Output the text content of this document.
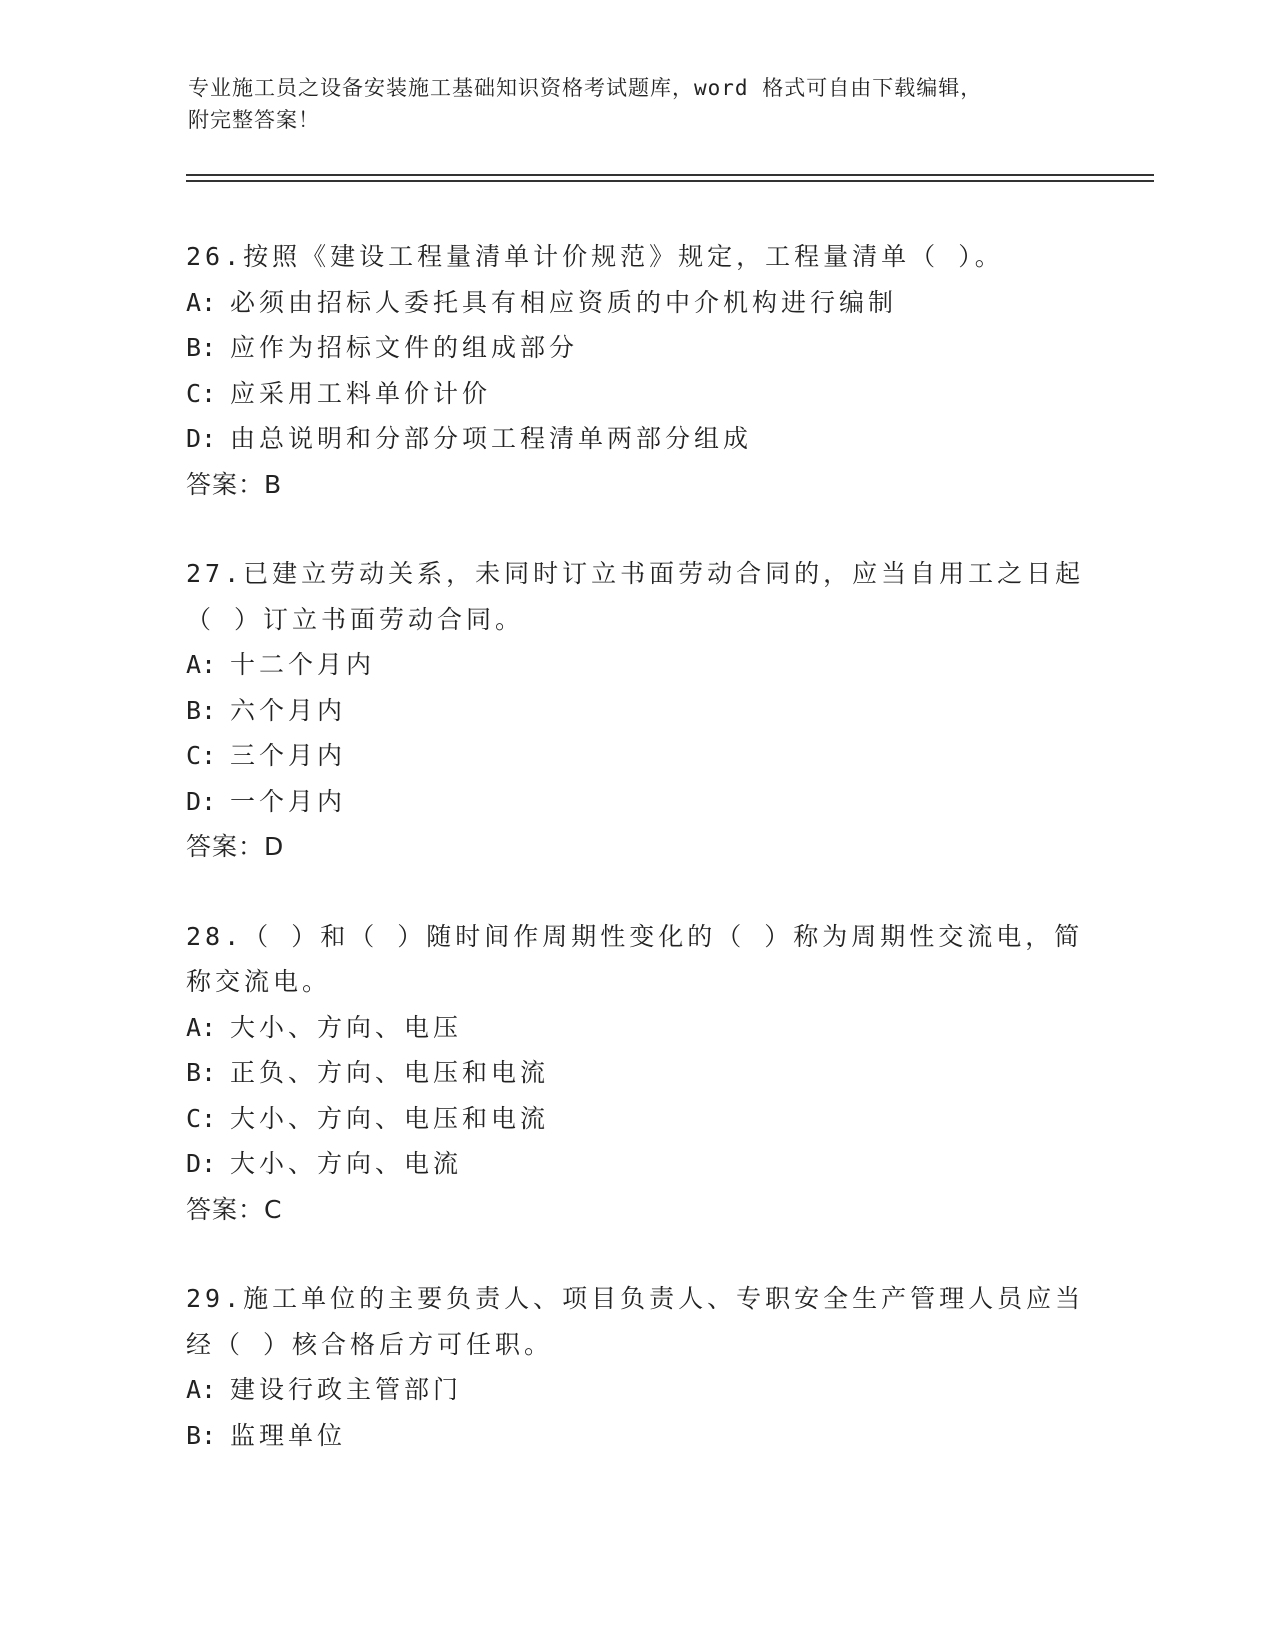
专业施工员之设备安装施工基础知识资格考试题库，word 格式可自由下载编辑，
附完整答案！
26.按照《建设工程量清单计价规范》规定，工程量清单（ ）。
A: 必须由招标人委托具有相应资质的中介机构进行编制
B: 应作为招标文件的组成部分
C: 应采用工料单价计价
D: 由总说明和分部分项工程清单两部分组成
答案：B
27.已建立劳动关系，未同时订立书面劳动合同的，应当自用工之日起
（ ）订立书面劳动合同。
A: 十二个月内
B: 六个月内
C: 三个月内
D: 一个月内
答案：D
28.（ ）和（ ）随时间作周期性变化的（ ）称为周期性交流电，简
称交流电。
A: 大小、方向、电压
B: 正负、方向、电压和电流
C: 大小、方向、电压和电流
D: 大小、方向、电流
答案：C
29.施工单位的主要负责人、项目负责人、专职安全生产管理人员应当
经（ ）核合格后方可任职。
A: 建设行政主管部门
B: 监理单位
